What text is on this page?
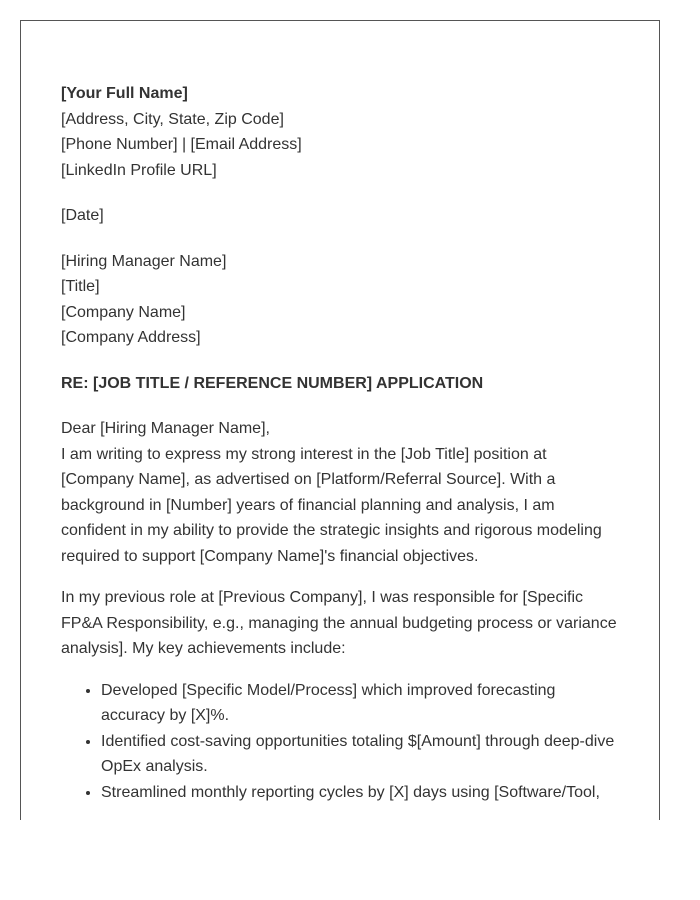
[Your Full Name]
[Address, City, State, Zip Code]
[Phone Number] | [Email Address]
[LinkedIn Profile URL]
[Date]
[Hiring Manager Name]
[Title]
[Company Name]
[Company Address]
RE: [JOB TITLE / REFERENCE NUMBER] APPLICATION
Dear [Hiring Manager Name],

I am writing to express my strong interest in the [Job Title] position at [Company Name], as advertised on [Platform/Referral Source]. With a background in [Number] years of financial planning and analysis, I am confident in my ability to provide the strategic insights and rigorous modeling required to support [Company Name]'s financial objectives.

In my previous role at [Previous Company], I was responsible for [Specific FP&A Responsibility, e.g., managing the annual budgeting process or variance analysis]. My key achievements include:

• Developed [Specific Model/Process] which improved forecasting accuracy by [X]%.
• Identified cost-saving opportunities totaling $[Amount] through deep-dive OpEx analysis.
• Streamlined monthly reporting cycles by [X] days using [Software/Tool,
